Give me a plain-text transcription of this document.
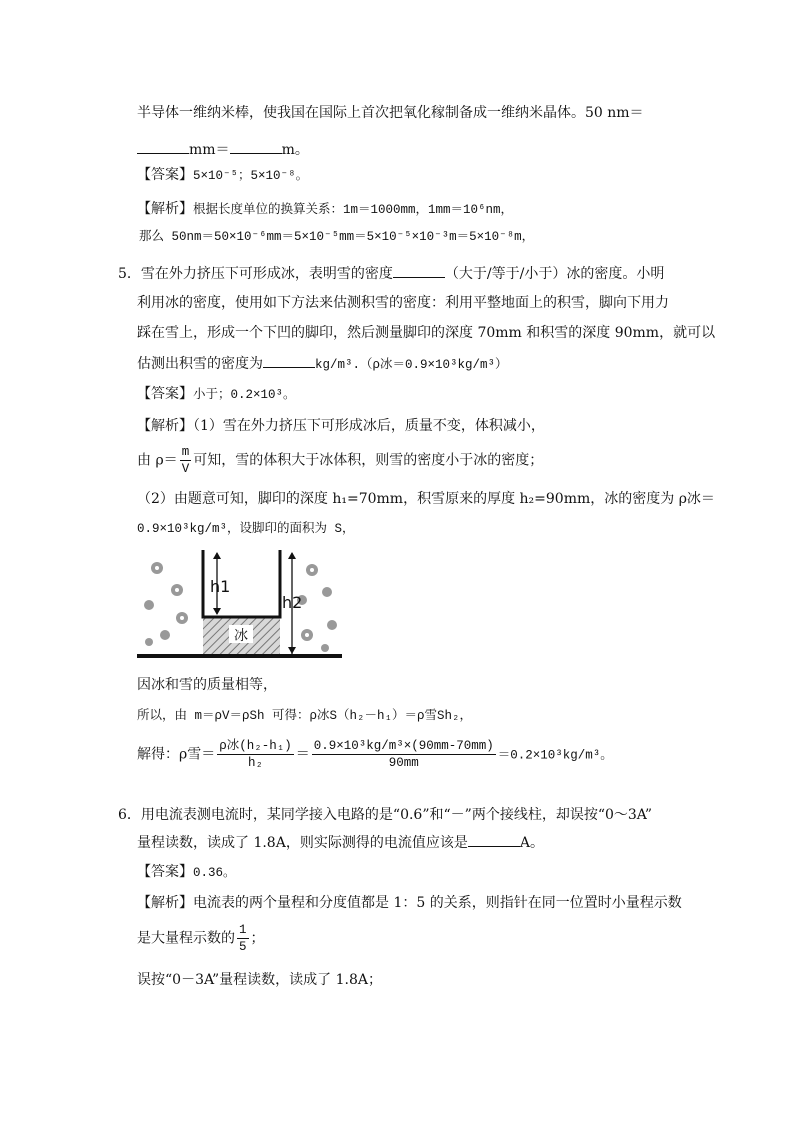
半导体一维纳米棒，使我国在国际上首次把氧化稼制备成一维纳米晶体。50 nm＝
mm＝	m。
【答案】5×10⁻⁵；5×10⁻⁸。
【解析】根据长度单位的换算关系：1m＝1000mm，1mm＝10⁶nm，
那么 50nm＝50×10⁻⁶mm＝5×10⁻⁵mm＝5×10⁻⁵×10⁻³m＝5×10⁻⁸m，
5．雪在外力挤压下可形成冰，表明雪的密度	（大于/等于/小于）冰的密度。小明
利用冰的密度，使用如下方法来估测积雪的密度：利用平整地面上的积雪，脚向下用力
踩在雪上，形成一个下凹的脚印，然后测量脚印的深度 70mm 和积雪的深度 90mm，就可以
估测出积雪的密度为	kg/m³.（ρ冰＝0.9×10³kg/m³）
【答案】小于；0.2×10³。
【解析】（1）雪在外力挤压下可形成冰后，质量不变，体积减小，
由 $\rho= \frac{m}{V}$ 可知，雪的体积大于冰体积，则雪的密度小于冰的密度；
（2）由题意可知，脚印的深度 h₁=70mm，积雪原来的厚度 h₂=90mm，冰的密度为 ρ冰＝
0.9×10³kg/m³，设脚印的面积为 S，
冰
h1
h2
因冰和雪的质量相等，
所以，由 m＝ρV＝ρSh 可得：ρ冰S（h₂－h₁）＝ρ雪Sh₂，
解得：ρ雪＝ $\frac{\text{ρ冰(h₂-h₁)}}{\text{h₂}} = \frac{\text{0.9×10³kg/m³×(90mm-70mm)}}{90mm} =0.2\times 10^3kg/m^3$。
6．用电流表测电流时，某同学接入电路的是“0.6”和“－”两个接线柱，却误按“0～3A”
量程读数，读成了 1.8A，则实际测得的电流值应该是	A。
【答案】0.36。
【解析】电流表的两个量程和分度值都是 1：5 的关系，则指针在同一位置时小量程示数
是大量程示数的 $\frac{1}{5}$ ；
误按“0－3A”量程读数，读成了 1.8A；
